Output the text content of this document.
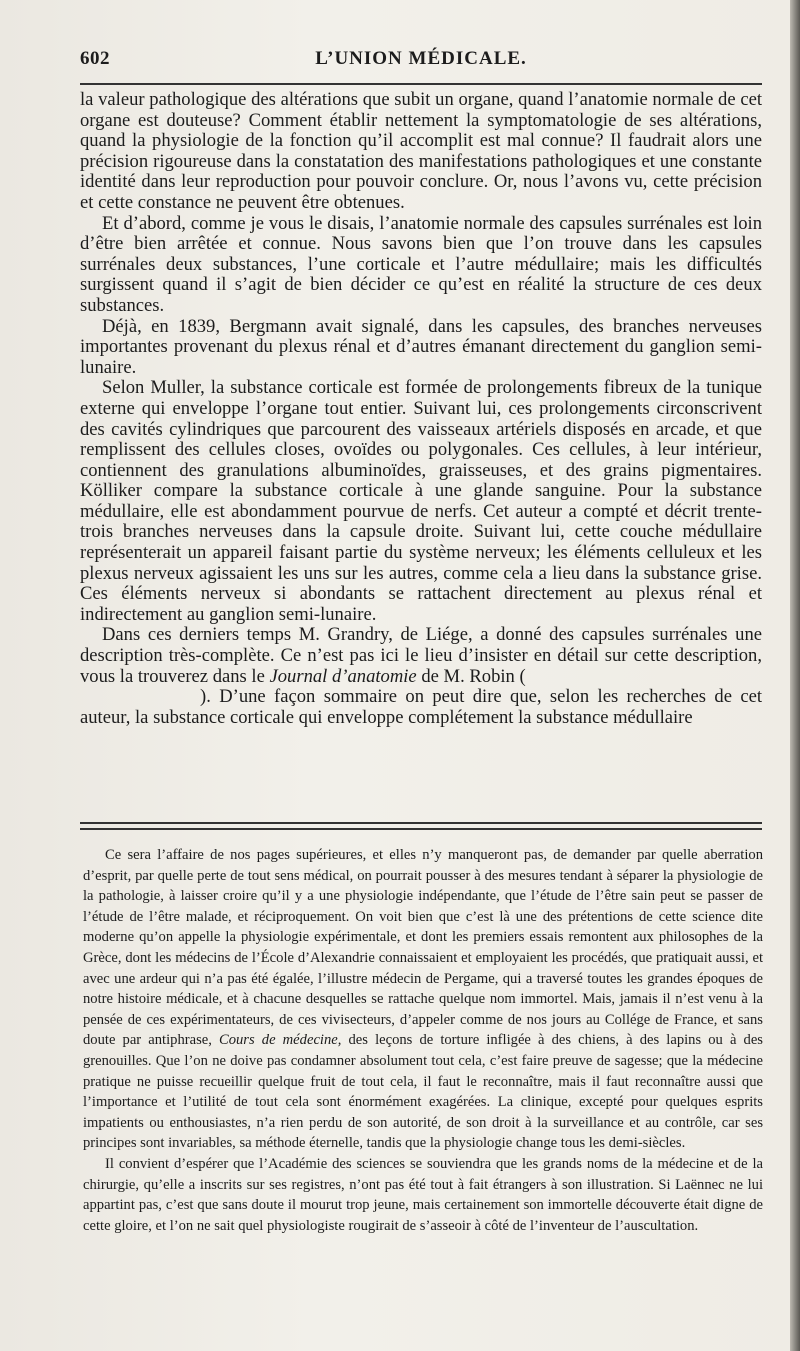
602	L’UNION MÉDICALE.

la valeur pathologique des altérations que subit un organe, quand l’anatomie normale de cet organe est douteuse? Comment établir nettement la symptomatologie de ses altérations, quand la physiologie de la fonction qu’il accomplit est mal connue? Il faudrait alors une précision rigoureuse dans la constatation des manifestations pathologiques et une constante identité dans leur reproduction pour pouvoir conclure. Or, nous l’avons vu, cette précision et cette constance ne peuvent être obtenues.

Et d’abord, comme je vous le disais, l’anatomie normale des capsules surrénales est loin d’être bien arrêtée et connue. Nous savons bien que l’on trouve dans les capsules surrénales deux substances, l’une corticale et l’autre médullaire; mais les difficultés surgissent quand il s’agit de bien décider ce qu’est en réalité la structure de ces deux substances.

Déjà, en 1839, Bergmann avait signalé, dans les capsules, des branches nerveuses importantes provenant du plexus rénal et d’autres émanant directement du ganglion semi-lunaire.

Selon Muller, la substance corticale est formée de prolongements fibreux de la tunique externe qui enveloppe l’organe tout entier. Suivant lui, ces prolongements circonscrivent des cavités cylindriques que parcourent des vaisseaux artériels disposés en arcade, et que remplissent des cellules closes, ovoïdes ou polygonales. Ces cellules, à leur intérieur, contiennent des granulations albuminoïdes, graisseuses, et des grains pigmentaires. Kölliker compare la substance corticale à une glande sanguine. Pour la substance médullaire, elle est abondamment pourvue de nerfs. Cet auteur a compté et décrit trente-trois branches nerveuses dans la capsule droite. Suivant lui, cette couche médullaire représenterait un appareil faisant partie du système nerveux; les éléments celluleux et les plexus nerveux agissaient les uns sur les autres, comme cela a lieu dans la substance grise. Ces éléments nerveux si abondants se rattachent directement au plexus rénal et indirectement au ganglion semi-lunaire.

Dans ces derniers temps M. Grandry, de Liége, a donné des capsules surrénales une description très-complète. Ce n’est pas ici le lieu d’insister en détail sur cette description, vous la trouverez dans le Journal d’anatomie de M. Robin (

). D’une façon sommaire on peut dire que, selon les recherches de cet auteur, la substance corticale qui enveloppe complétement la substance médullaire

Ce sera l’affaire de nos pages supérieures, et elles n’y manqueront pas, de demander par quelle aberration d’esprit, par quelle perte de tout sens médical, on pourrait pousser à des mesures tendant à séparer la physiologie de la pathologie, à laisser croire qu’il y a une physiologie indépendante, que l’étude de l’être sain peut se passer de l’étude de l’être malade, et réciproquement. On voit bien que c’est là une des prétentions de cette science dite moderne qu’on appelle la physiologie expérimentale, et dont les premiers essais remontent aux philosophes de la Grèce, dont les médecins de l’École d’Alexandrie connaissaient et employaient les procédés, que pratiquait aussi, et avec une ardeur qui n’a pas été égalée, l’illustre médecin de Pergame, qui a traversé toutes les grandes époques de notre histoire médicale, et à chacune desquelles se rattache quelque nom immortel. Mais, jamais il n’est venu à la pensée de ces expérimentateurs, de ces vivisecteurs, d’appeler comme de nos jours au Collége de France, et sans doute par antiphrase, Cours de médecine, des leçons de torture infligée à des chiens, à des lapins ou à des grenouilles. Que l’on ne doive pas condamner absolument tout cela, c’est faire preuve de sagesse; que la médecine pratique ne puisse recueillir quelque fruit de tout cela, il faut le reconnaître, mais il faut reconnaître aussi que l’importance et l’utilité de tout cela sont énormément exagérées. La clinique, excepté pour quelques esprits impatients ou enthousiastes, n’a rien perdu de son autorité, de son droit à la surveillance et au contrôle, car ses principes sont invariables, sa méthode éternelle, tandis que la physiologie change tous les demi-siècles.

Il convient d’espérer que l’Académie des sciences se souviendra que les grands noms de la médecine et de la chirurgie, qu’elle a inscrits sur ses registres, n’ont pas été tout à fait étrangers à son illustration. Si Laënnec ne lui appartint pas, c’est que sans doute il mourut trop jeune, mais certainement son immortelle découverte était digne de cette gloire, et l’on ne sait quel physiologiste rougirait de s’asseoir à côté de l’inventeur de l’auscultation.
